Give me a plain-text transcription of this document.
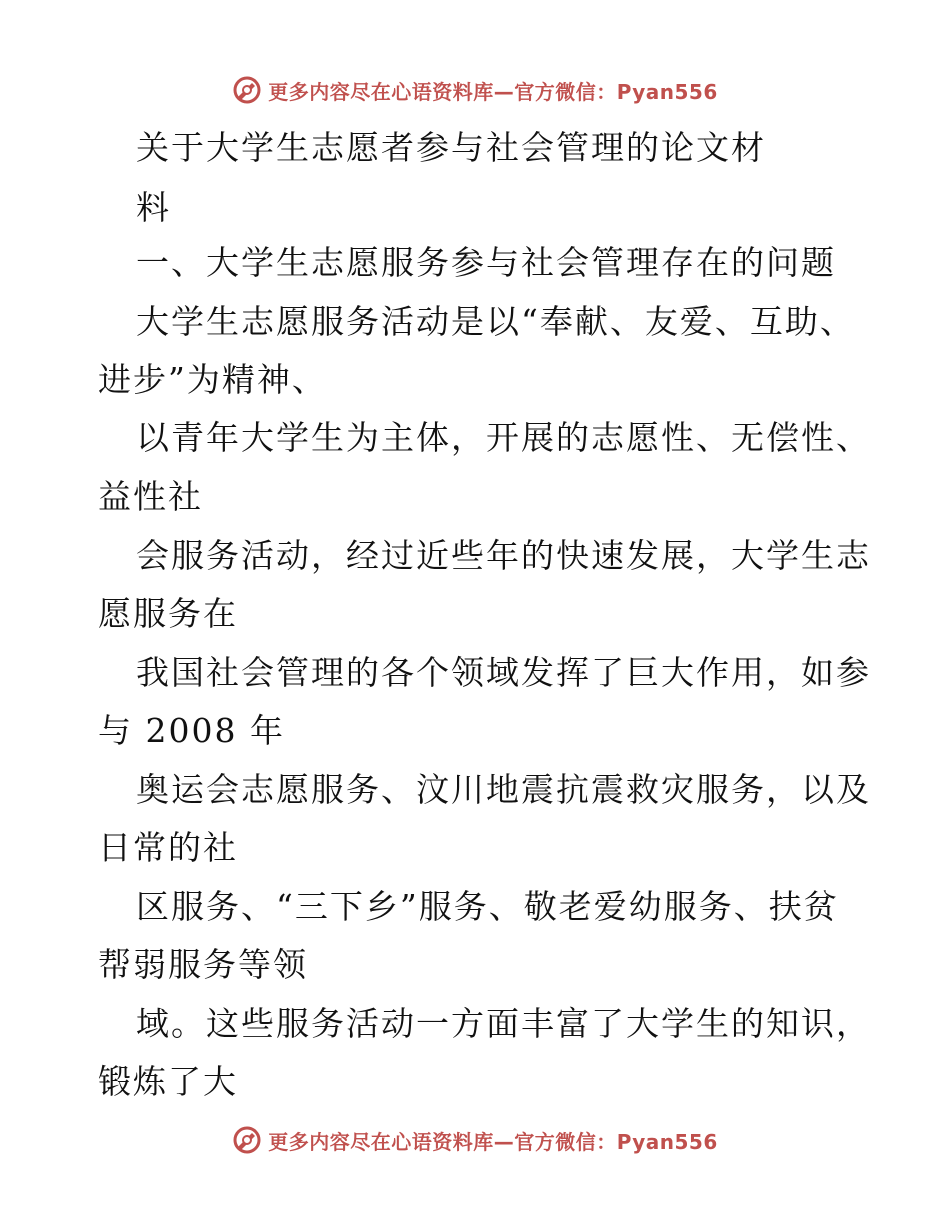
更多内容尽在心语资料库—官方微信：Pyan556
关于大学生志愿者参与社会管理的论文材
料
一、大学生志愿服务参与社会管理存在的问题
大学生志愿服务活动是以“奉献、友爱、互助、
进步”为精神、
以青年大学生为主体，开展的志愿性、无偿性、
益性社
会服务活动，经过近些年的快速发展，大学生志
愿服务在
我国社会管理的各个领域发挥了巨大作用，如参
与 2008 年
奥运会志愿服务、汶川地震抗震救灾服务，以及
日常的社
区服务、“三下乡”服务、敬老爱幼服务、扶贫
帮弱服务等领
域。这些服务活动一方面丰富了大学生的知识，
锻炼了大
更多内容尽在心语资料库—官方微信：Pyan556
